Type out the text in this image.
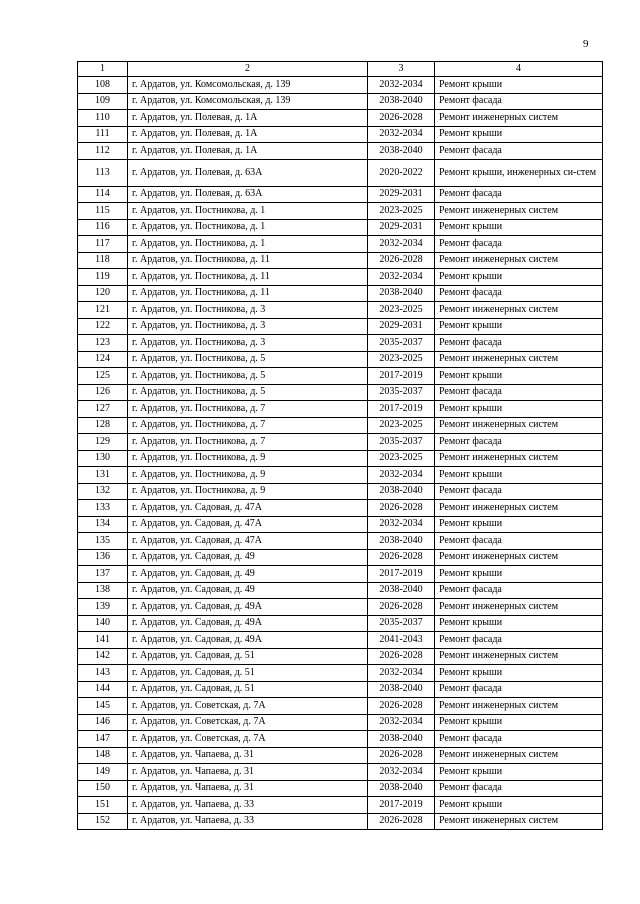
9
1	2	3	4
108	г. Ардатов, ул. Комсомольская, д. 139	2032-2034	Ремонт крыши
109	г. Ардатов, ул. Комсомольская, д. 139	2038-2040	Ремонт фасада
110	г. Ардатов, ул. Полевая, д. 1А	2026-2028	Ремонт инженерных систем
111	г. Ардатов, ул. Полевая, д. 1А	2032-2034	Ремонт крыши
112	г. Ардатов, ул. Полевая, д. 1А	2038-2040	Ремонт фасада
113	г. Ардатов, ул. Полевая, д. 63А	2020-2022	Ремонт крыши, инженерных си-стем
114	г. Ардатов, ул. Полевая, д. 63А	2029-2031	Ремонт фасада
115	г. Ардатов, ул. Постникова, д. 1	2023-2025	Ремонт инженерных систем
116	г. Ардатов, ул. Постникова, д. 1	2029-2031	Ремонт крыши
117	г. Ардатов, ул. Постникова, д. 1	2032-2034	Ремонт фасада
118	г. Ардатов, ул. Постникова, д. 11	2026-2028	Ремонт инженерных систем
119	г. Ардатов, ул. Постникова, д. 11	2032-2034	Ремонт крыши
120	г. Ардатов, ул. Постникова, д. 11	2038-2040	Ремонт фасада
121	г. Ардатов, ул. Постникова, д. 3	2023-2025	Ремонт инженерных систем
122	г. Ардатов, ул. Постникова, д. 3	2029-2031	Ремонт крыши
123	г. Ардатов, ул. Постникова, д. 3	2035-2037	Ремонт фасада
124	г. Ардатов, ул. Постникова, д. 5	2023-2025	Ремонт инженерных систем
125	г. Ардатов, ул. Постникова, д. 5	2017-2019	Ремонт крыши
126	г. Ардатов, ул. Постникова, д. 5	2035-2037	Ремонт фасада
127	г. Ардатов, ул. Постникова, д. 7	2017-2019	Ремонт крыши
128	г. Ардатов, ул. Постникова, д. 7	2023-2025	Ремонт инженерных систем
129	г. Ардатов, ул. Постникова, д. 7	2035-2037	Ремонт фасада
130	г. Ардатов, ул. Постникова, д. 9	2023-2025	Ремонт инженерных систем
131	г. Ардатов, ул. Постникова, д. 9	2032-2034	Ремонт крыши
132	г. Ардатов, ул. Постникова, д. 9	2038-2040	Ремонт фасада
133	г. Ардатов, ул. Садовая, д. 47А	2026-2028	Ремонт инженерных систем
134	г. Ардатов, ул. Садовая, д. 47А	2032-2034	Ремонт крыши
135	г. Ардатов, ул. Садовая, д. 47А	2038-2040	Ремонт фасада
136	г. Ардатов, ул. Садовая, д. 49	2026-2028	Ремонт инженерных систем
137	г. Ардатов, ул. Садовая, д. 49	2017-2019	Ремонт крыши
138	г. Ардатов, ул. Садовая, д. 49	2038-2040	Ремонт фасада
139	г. Ардатов, ул. Садовая, д. 49А	2026-2028	Ремонт инженерных систем
140	г. Ардатов, ул. Садовая, д. 49А	2035-2037	Ремонт крыши
141	г. Ардатов, ул. Садовая, д. 49А	2041-2043	Ремонт фасада
142	г. Ардатов, ул. Садовая, д. 51	2026-2028	Ремонт инженерных систем
143	г. Ардатов, ул. Садовая, д. 51	2032-2034	Ремонт крыши
144	г. Ардатов, ул. Садовая, д. 51	2038-2040	Ремонт фасада
145	г. Ардатов, ул. Советская, д. 7А	2026-2028	Ремонт инженерных систем
146	г. Ардатов, ул. Советская, д. 7А	2032-2034	Ремонт крыши
147	г. Ардатов, ул. Советская, д. 7А	2038-2040	Ремонт фасада
148	г. Ардатов, ул. Чапаева, д. 31	2026-2028	Ремонт инженерных систем
149	г. Ардатов, ул. Чапаева, д. 31	2032-2034	Ремонт крыши
150	г. Ардатов, ул. Чапаева, д. 31	2038-2040	Ремонт фасада
151	г. Ардатов, ул. Чапаева, д. 33	2017-2019	Ремонт крыши
152	г. Ардатов, ул. Чапаева, д. 33	2026-2028	Ремонт инженерных систем
